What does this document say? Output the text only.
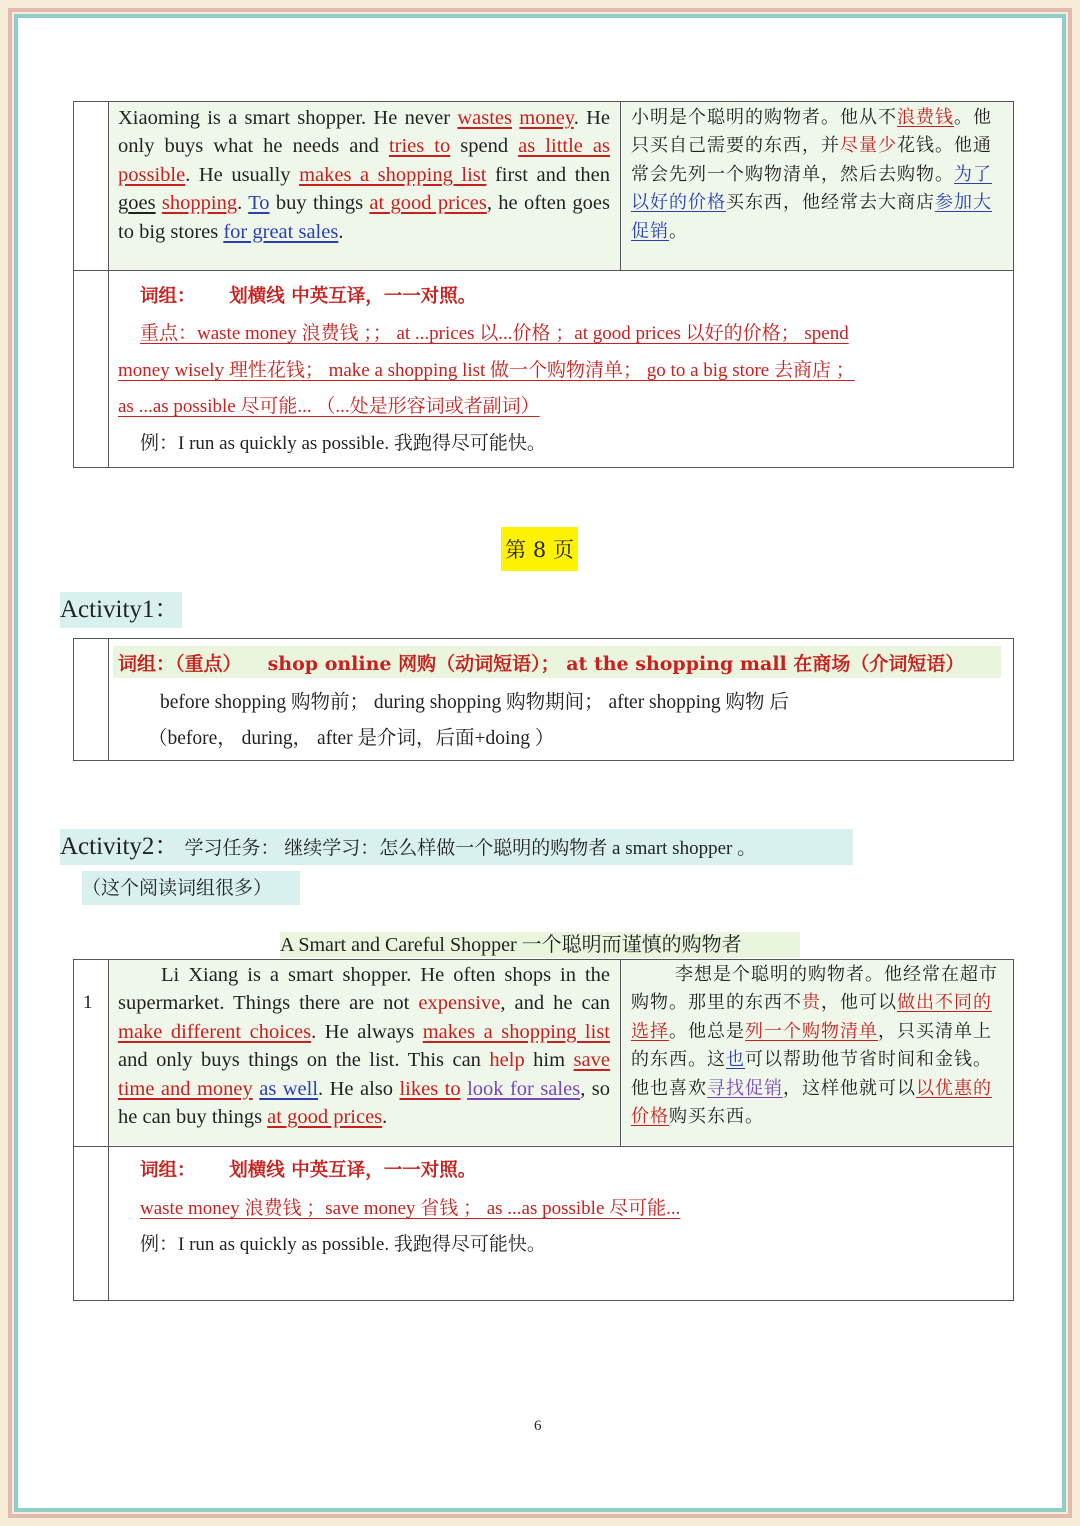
Xiaoming is a smart shopper. He never wastes money. He only buys what he needs and tries to spend as little as possible. He usually makes a shopping list first and then goes shopping. To buy things at good prices, he often goes to big stores for great sales.
小明是个聪明的购物者。他从不浪费钱。他只买自己需要的东西，并尽量少花钱。他通常会先列一个购物清单，然后去购物。为了以好的价格买东西，他经常去大商店参加大促销。
词组： 划横线 中英互译，一一对照。
重点：waste money 浪费钱 ；； at ...prices 以...价格 ；at good prices 以好的价格； spend
money wisely 理性花钱； make a shopping list 做一个购物清单； go to a big store 去商店 ；
as ...as possible 尽可能... （...处是形容词或者副词）
例：I run as quickly as possible. 我跑得尽可能快。
第 8 页
Activity1：
词组：（重点） shop online 网购（动词短语）； at the shopping mall 在商场（介词短语）
before shopping 购物前； during shopping 购物期间； after shopping 购物 后
（before， during， after 是介词，后面+doing ）
Activity2： 学习任务： 继续学习：怎么样做一个聪明的购物者 a smart shopper 。
（这个阅读词组很多）
A Smart and Careful Shopper 一个聪明而谨慎的购物者
1
Li Xiang is a smart shopper. He often shops in the supermarket. Things there are not expensive, and he can make different choices. He always makes a shopping list and only buys things on the list. This can help him save time and money as well. He also likes to look for sales, so he can buy things at good prices.
李想是个聪明的购物者。他经常在超市购物。那里的东西不贵，他可以做出不同的选择。他总是列一个购物清单，只买清单上的东西。这也可以帮助他节省时间和金钱。他也喜欢寻找促销，这样他就可以以优惠的价格购买东西。
词组： 划横线 中英互译，一一对照。
waste money 浪费钱 ；save money 省钱 ； as ...as possible 尽可能...
例：I run as quickly as possible. 我跑得尽可能快。
6
